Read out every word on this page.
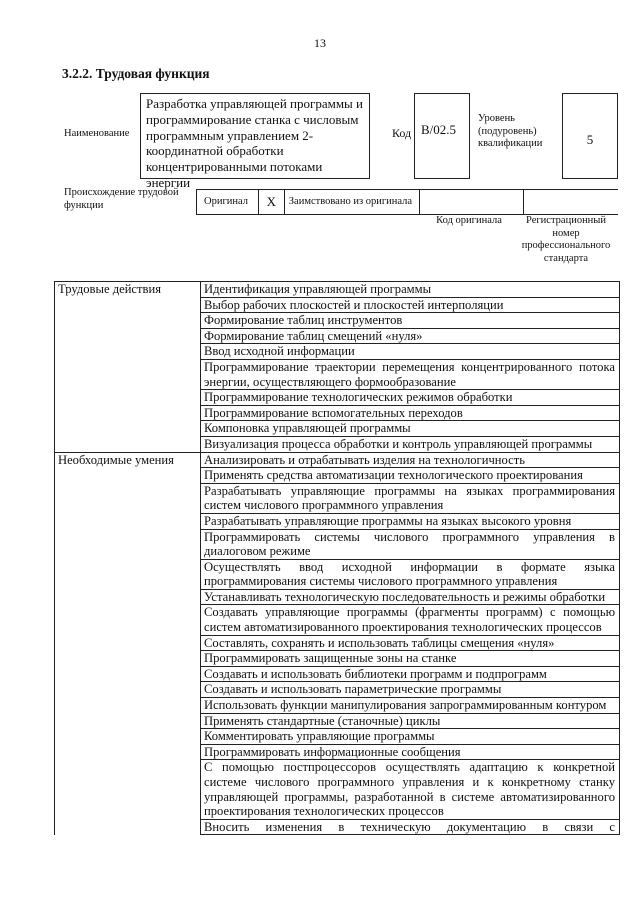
13
3.2.2. Трудовая функция
Наименование
Разработка управляющей программы и программирование станка с числовым программным управлением 2-координатной обработки концентрированными потоками энергии
Код B/02.5
Уровень (подуровень) квалификации	5
Происхождение трудовой функции	Оригинал	X	Заимствовано из оригинала
Код оригинала	Регистрационный номер профессионального стандарта
Трудовые действия	Идентификация управляющей программы
	Выбор рабочих плоскостей и плоскостей интерполяции
	Формирование таблиц инструментов
	Формирование таблиц смещений «нуля»
	Ввод исходной информации
	Программирование траектории перемещения концентрированного потока энергии, осуществляющего формообразование
	Программирование технологических режимов обработки
	Программирование вспомогательных переходов
	Компоновка управляющей программы
	Визуализация процесса обработки и контроль управляющей программы
Необходимые умения	Анализировать и отрабатывать изделия на технологичность
	Применять средства автоматизации технологического проектирования
	Разрабатывать управляющие программы на языках программирования систем числового программного управления
	Разрабатывать управляющие программы на языках высокого уровня
	Программировать системы числового программного управления в диалоговом режиме
	Осуществлять ввод исходной информации в формате языка программирования системы числового программного управления
	Устанавливать технологическую последовательность и режимы обработки
	Создавать управляющие программы (фрагменты программ) с помощью систем автоматизированного проектирования технологических процессов
	Составлять, сохранять и использовать таблицы смещения «нуля»
	Программировать защищенные зоны на станке
	Создавать и использовать библиотеки программ и подпрограмм
	Создавать и использовать параметрические программы
	Использовать функции манипулирования запрограммированным контуром
	Применять стандартные (станочные) циклы
	Комментировать управляющие программы
	Программировать информационные сообщения
	С помощью постпроцессоров осуществлять адаптацию к конкретной системе числового программного управления и к конкретному станку управляющей программы, разработанной в системе автоматизированного проектирования технологических процессов
	Вносить изменения в техническую документацию в связи с
